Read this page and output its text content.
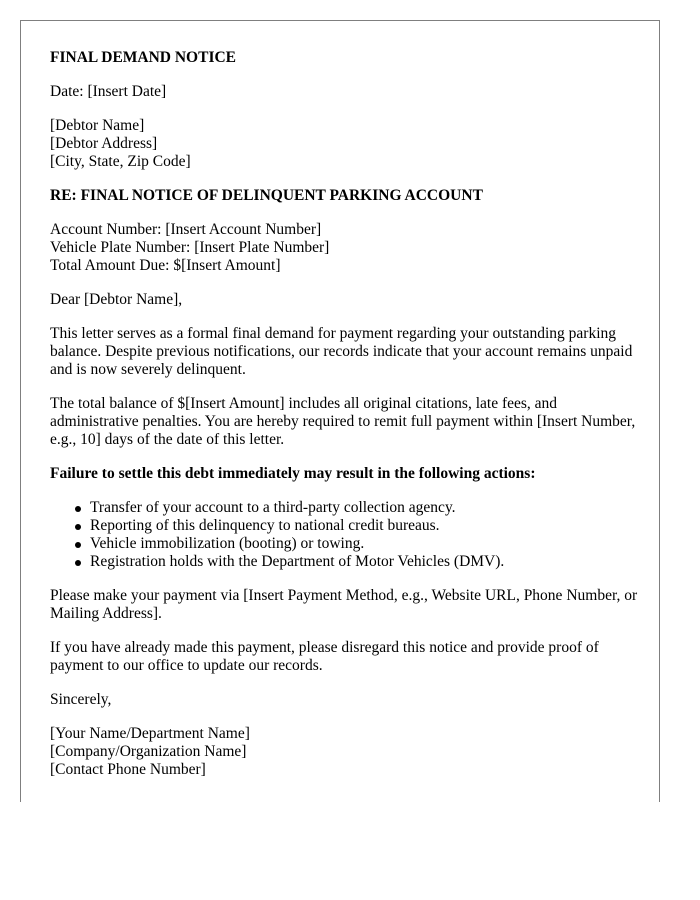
FINAL DEMAND NOTICE

Date: [Insert Date]

[Debtor Name]
[Debtor Address]
[City, State, Zip Code]

RE: FINAL NOTICE OF DELINQUENT PARKING ACCOUNT

Account Number: [Insert Account Number]
Vehicle Plate Number: [Insert Plate Number]
Total Amount Due: $[Insert Amount]

Dear [Debtor Name],

This letter serves as a formal final demand for payment regarding your outstanding parking balance. Despite previous notifications, our records indicate that your account remains unpaid and is now severely delinquent.

The total balance of $[Insert Amount] includes all original citations, late fees, and administrative penalties. You are hereby required to remit full payment within [Insert Number, e.g., 10] days of the date of this letter.

Failure to settle this debt immediately may result in the following actions:

Transfer of your account to a third-party collection agency.
Reporting of this delinquency to national credit bureaus.
Vehicle immobilization (booting) or towing.
Registration holds with the Department of Motor Vehicles (DMV).

Please make your payment via [Insert Payment Method, e.g., Website URL, Phone Number, or Mailing Address].

If you have already made this payment, please disregard this notice and provide proof of payment to our office to update our records.

Sincerely,

[Your Name/Department Name]
[Company/Organization Name]
[Contact Phone Number]
